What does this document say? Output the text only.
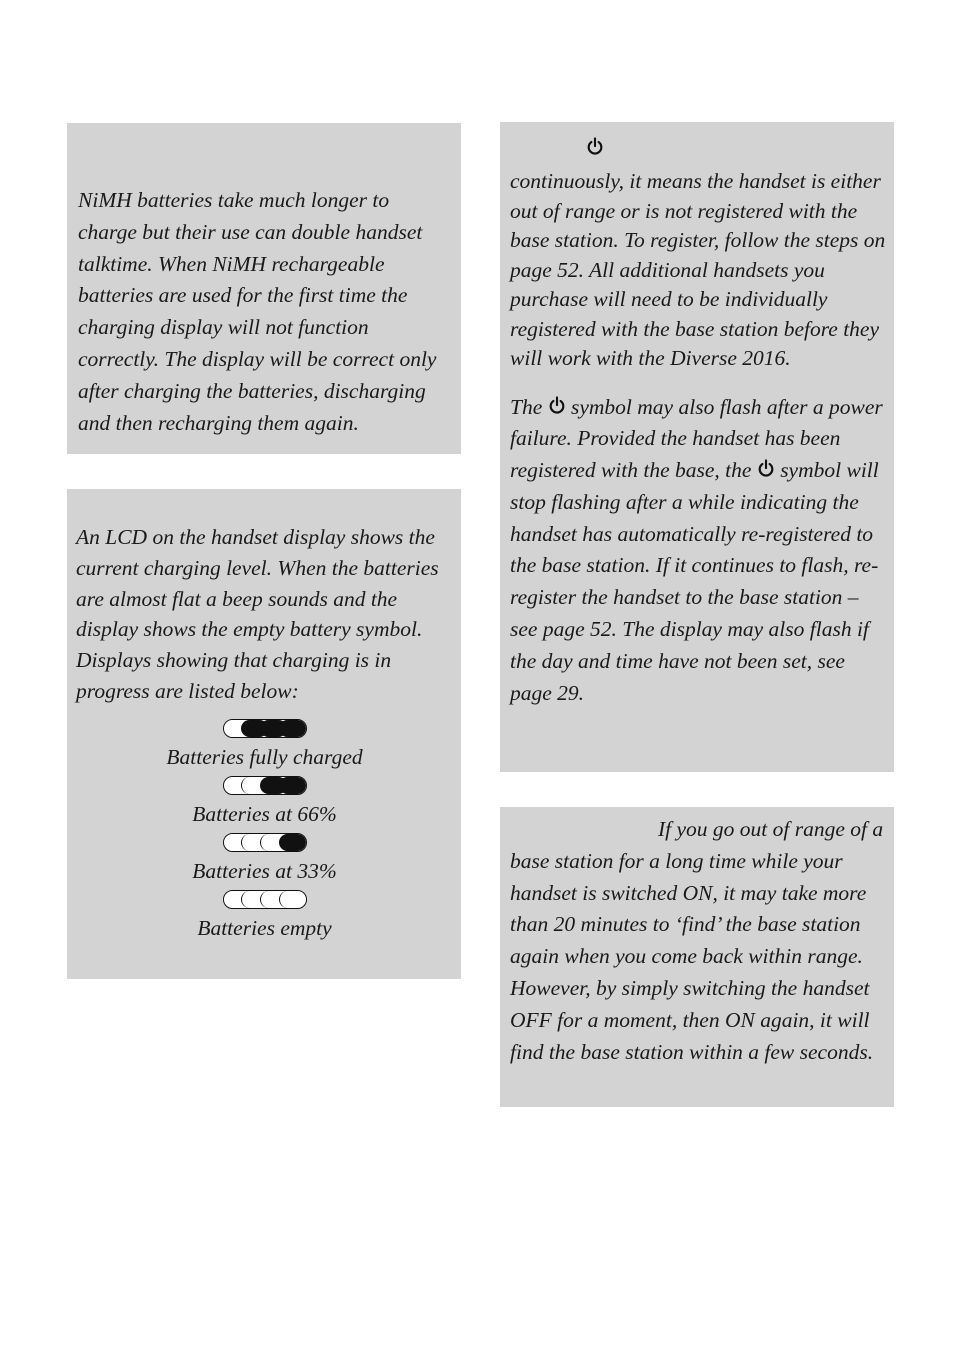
NiMH batteries take much longer to charge but their use can double handset talktime. When NiMH rechargeable batteries are used for the first time the charging display will not function correctly. The display will be correct only after charging the batteries, discharging and then recharging them again.

An LCD on the handset display shows the current charging level. When the batteries are almost flat a beep sounds and the display shows the empty battery symbol. Displays showing that charging is in progress are listed below:

Batteries fully charged
Batteries at 66%
Batteries at 33%
Batteries empty

continuously, it means the handset is either out of range or is not registered with the base station. To register, follow the steps on page 52. All additional handsets you purchase will need to be individually registered with the base station before they will work with the Diverse 2016.

The symbol may also flash after a power failure. Provided the handset has been registered with the base, the symbol will stop flashing after a while indicating the handset has automatically re-registered to the base station. If it continues to flash, re-register the handset to the base station – see page 52. The display may also flash if the day and time have not been set, see page 29.

If you go out of range of a base station for a long time while your handset is switched ON, it may take more than 20 minutes to ‘find’ the base station again when you come back within range. However, by simply switching the handset OFF for a moment, then ON again, it will find the base station within a few seconds.
